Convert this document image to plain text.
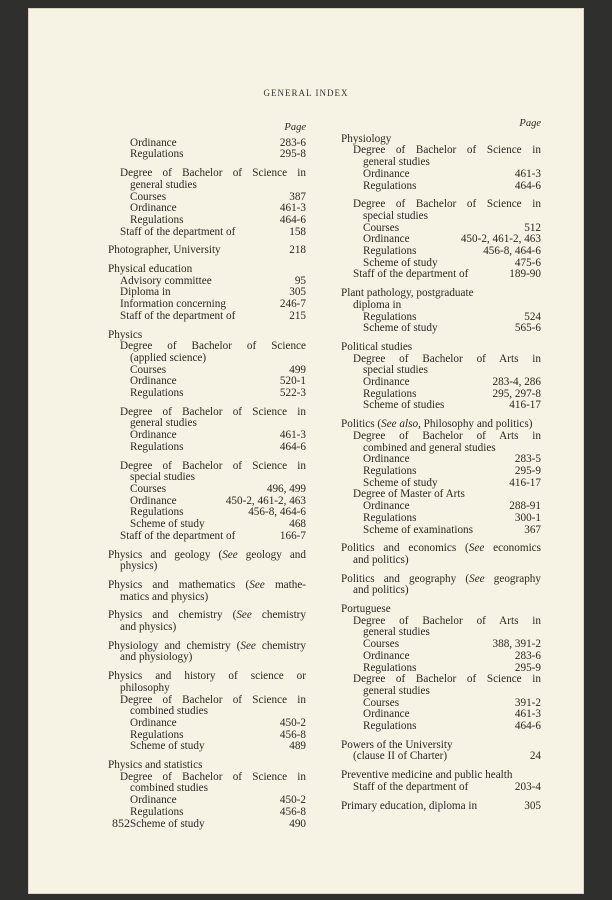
GENERAL INDEX
Page
Ordinance	283-6
Regulations	295-8
Degree of Bachelor of Science in
general studies
Courses	387
Ordinance	461-3
Regulations	464-6
Staff of the department of	158
Photographer, University	218
Physical education
Advisory committee	95
Diploma in	305
Information concerning	246-7
Staff of the department of	215
Physics
Degree of Bachelor of Science
(applied science)
Courses	499
Ordinance	520-1
Regulations	522-3
Degree of Bachelor of Science in
general studies
Ordinance	461-3
Regulations	464-6
Degree of Bachelor of Science in
special studies
Courses	496, 499
Ordinance	450-2, 461-2, 463
Regulations	456-8, 464-6
Scheme of study	468
Staff of the department of	166-7
Physics and geology (See geology and
physics)
Physics and mathematics (See mathe-
matics and physics)
Physics and chemistry (See chemistry
and physics)
Physiology and chemistry (See chemistry
and physiology)
Physics and history of science or
philosophy
Degree of Bachelor of Science in
combined studies
Ordinance	450-2
Regulations	456-8
Scheme of study	489
Physics and statistics
Degree of Bachelor of Science in
combined studies
Ordinance	450-2
Regulations	456-8
Scheme of study	490
Page
Physiology
Degree of Bachelor of Science in
general studies
Ordinance	461-3
Regulations	464-6
Degree of Bachelor of Science in
special studies
Courses	512
Ordinance	450-2, 461-2, 463
Regulations	456-8, 464-6
Scheme of study	475-6
Staff of the department of	189-90
Plant pathology, postgraduate
diploma in
Regulations	524
Scheme of study	565-6
Political studies
Degree of Bachelor of Arts in
special studies
Ordinance	283-4, 286
Regulations	295, 297-8
Scheme of studies	416-17
Politics (See also, Philosophy and politics)
Degree of Bachelor of Arts in
combined and general studies
Ordinance	283-5
Regulations	295-9
Scheme of study	416-17
Degree of Master of Arts
Ordinance	288-91
Regulations	300-1
Scheme of examinations	367
Politics and economics (See economics
and politics)
Politics and geography (See geography
and politics)
Portuguese
Degree of Bachelor of Arts in
general studies
Courses	388, 391-2
Ordinance	283-6
Regulations	295-9
Degree of Bachelor of Science in
general studies
Courses	391-2
Ordinance	461-3
Regulations	464-6
Powers of the University
(clause II of Charter)	24
Preventive medicine and public health
Staff of the department of	203-4
Primary education, diploma in	305
852
